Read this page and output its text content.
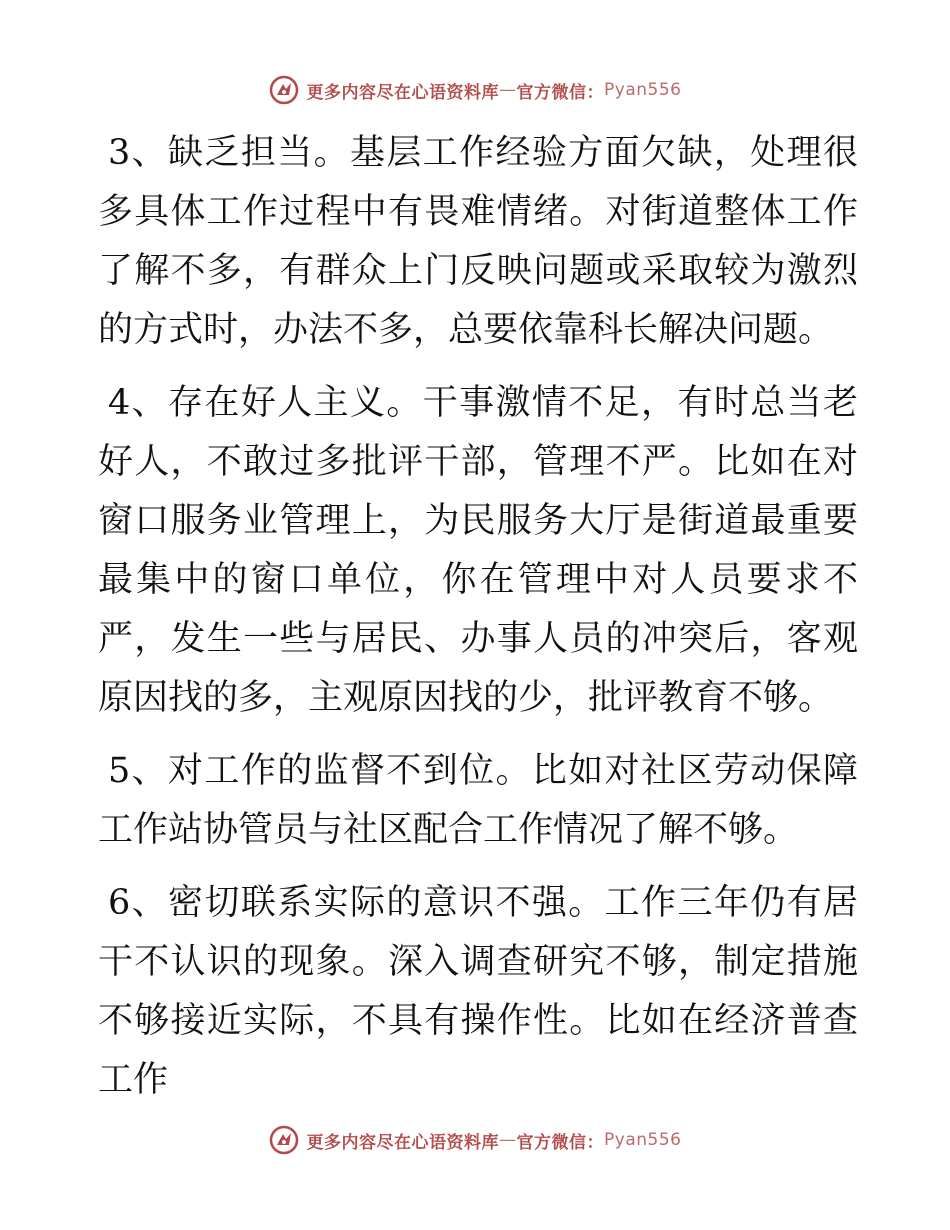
更多内容尽在心语资料库 — 官方微信： Pyan556

3、缺乏担当。基层工作经验方面欠缺，处理很多具体工作过程中有畏难情绪。对街道整体工作了解不多，有群众上门反映问题或采取较为激烈的方式时，办法不多，总要依靠科长解决问题。

4、存在好人主义。干事激情不足，有时总当老好人，不敢过多批评干部，管理不严。比如在对窗口服务业管理上，为民服务大厅是街道最重要最集中的窗口单位，你在管理中对人员要求不严，发生一些与居民、办事人员的冲突后，客观原因找的多，主观原因找的少，批评教育不够。

5、对工作的监督不到位。比如对社区劳动保障工作站协管员与社区配合工作情况了解不够。

6、密切联系实际的意识不强。工作三年仍有居干不认识的现象。深入调查研究不够，制定措施不够接近实际，不具有操作性。比如在经济普查工作

更多内容尽在心语资料库 — 官方微信： Pyan556
